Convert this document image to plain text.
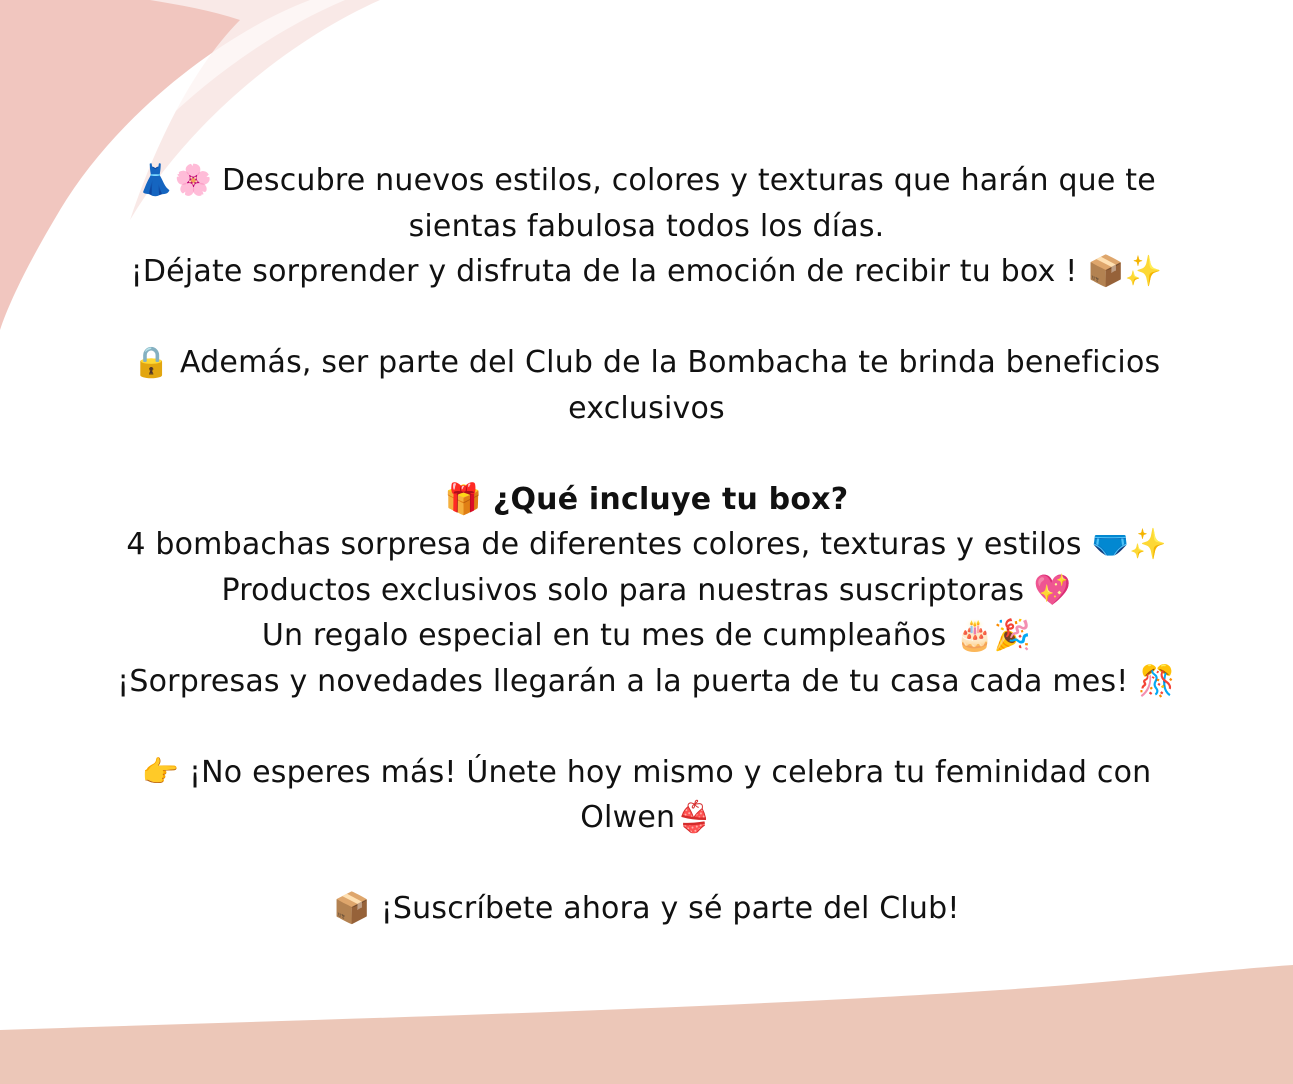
👗🌸 Descubre nuevos estilos, colores y texturas que harán que te
sientas fabulosa todos los días.
¡Déjate sorprender y disfruta de la emoción de recibir tu box ! 📦✨
🔒 Además, ser parte del Club de la Bombacha te brinda beneficios
exclusivos
🎁 ¿Qué incluye tu box?
4 bombachas sorpresa de diferentes colores, texturas y estilos 🩲✨
Productos exclusivos solo para nuestras suscriptoras 💖
Un regalo especial en tu mes de cumpleaños 🎂🎉
¡Sorpresas y novedades llegarán a la puerta de tu casa cada mes! 🎊
👉 ¡No esperes más! Únete hoy mismo y celebra tu feminidad con
Olwen👙
📦 ¡Suscríbete ahora y sé parte del Club!
